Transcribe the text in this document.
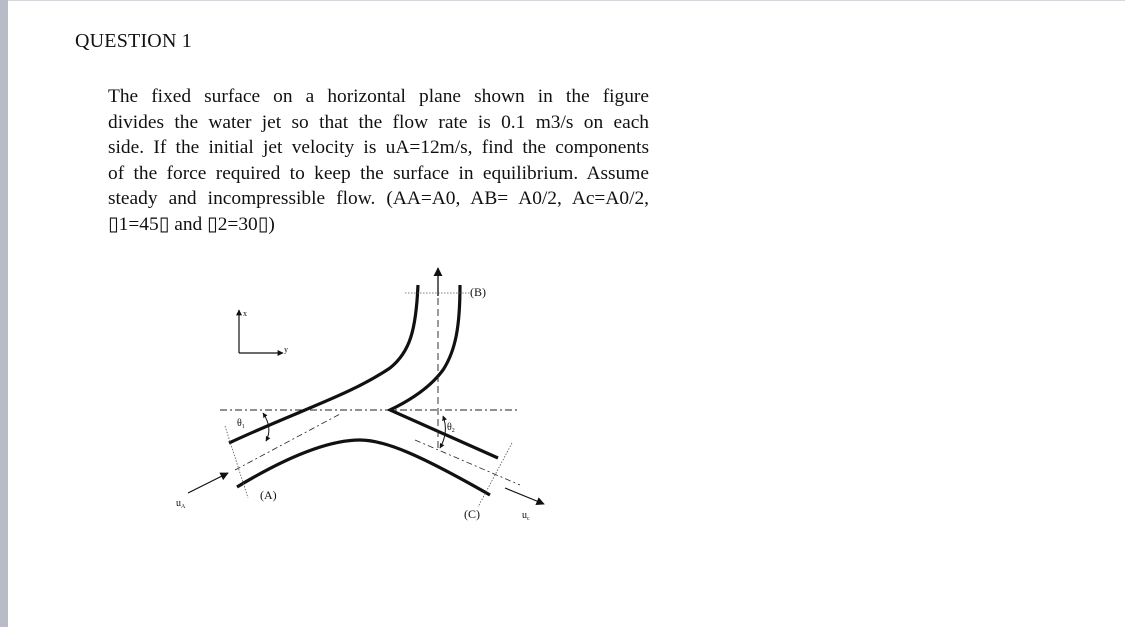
QUESTION 1
The fixed surface on a horizontal plane shown in the figure
divides the water jet so that the flow rate is 0.1 m3/s on each
side. If the initial jet velocity is uA=12m/s, find the components
of the force required to keep the surface in equilibrium. Assume
steady and incompressible flow. (AA=A0, AB= A0/2, Ac=A0/2,
▯1=45▯ and ▯2=30▯)
x
y
(B)
(A)
(C)
$\theta_1$	$\theta_2$
$u_A$
$u_c$
